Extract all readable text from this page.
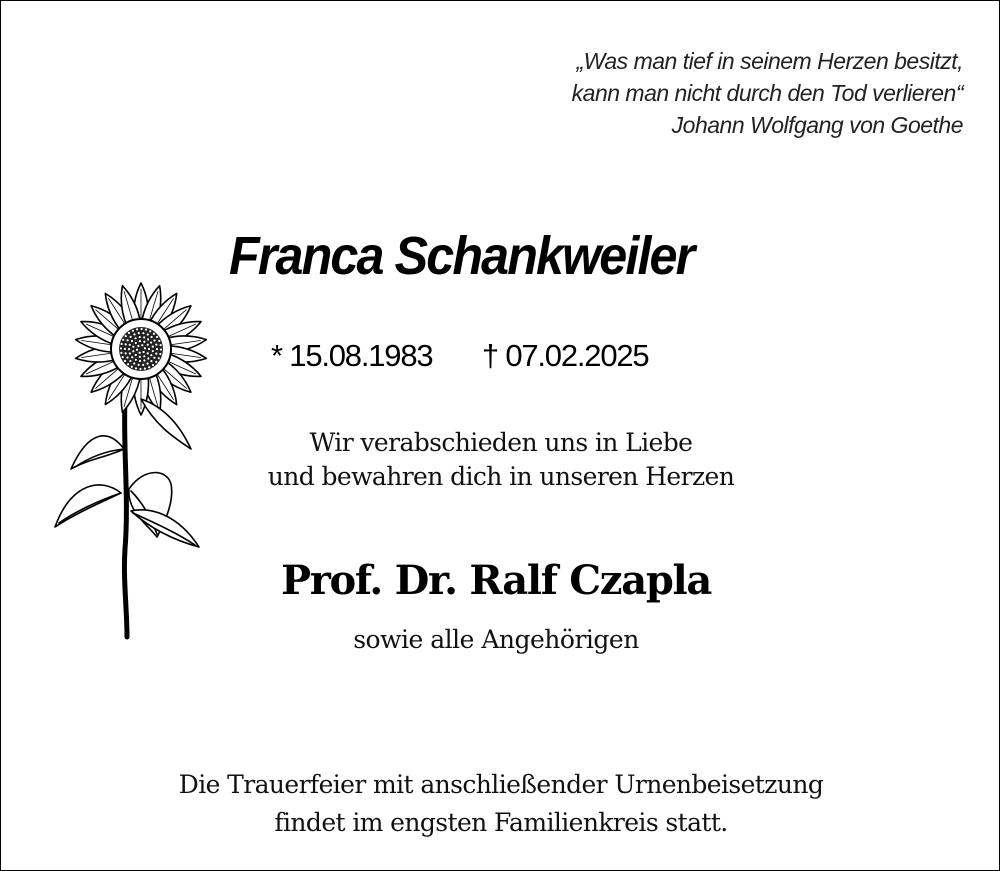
„Was man tief in seinem Herzen besitzt,
kann man nicht durch den Tod verlieren“
Johann Wolfgang von Goethe
Franca Schankweiler
* 15.08.1983 † 07.02.2025
Wir verabschieden uns in Liebe
und bewahren dich in unseren Herzen
Prof. Dr. Ralf Czapla
sowie alle Angehörigen
Die Trauerfeier mit anschließender Urnenbeisetzung
findet im engsten Familienkreis statt.
